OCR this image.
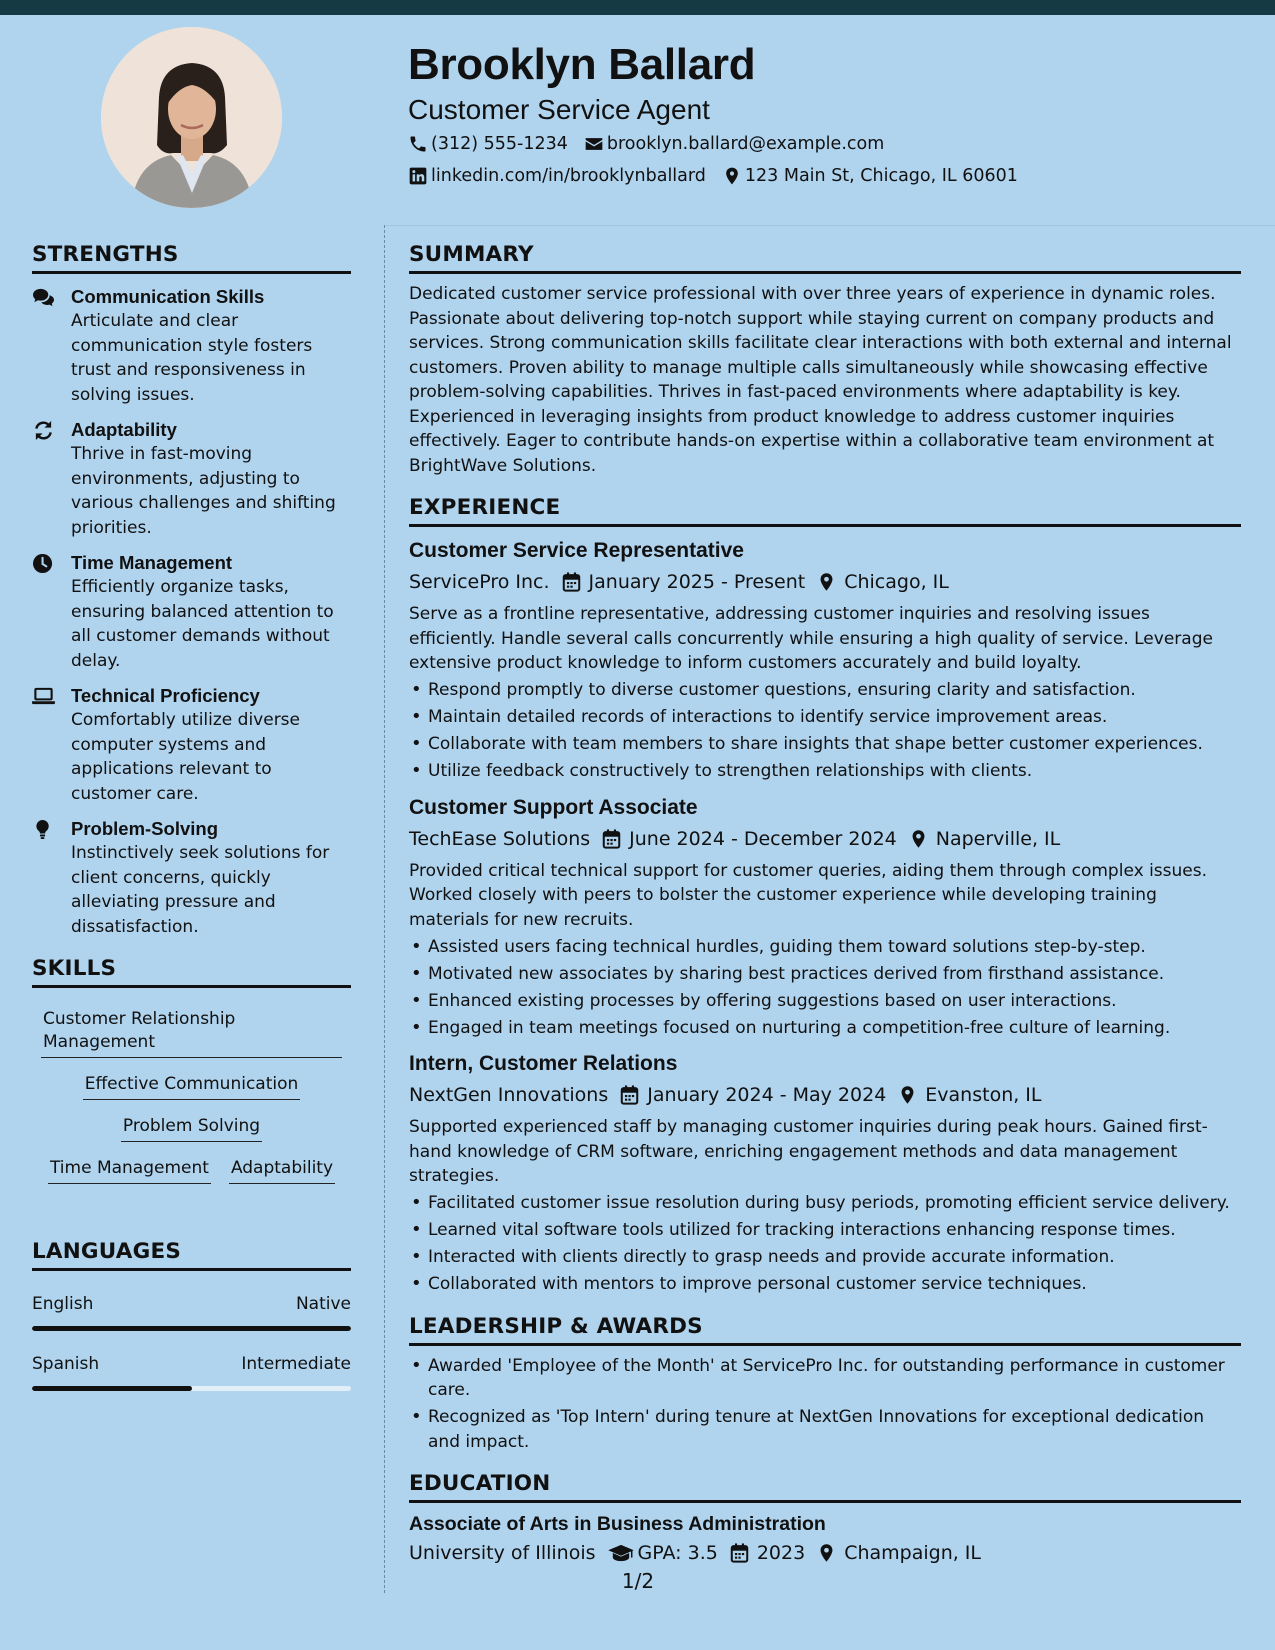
Brooklyn Ballard
Customer Service Agent
(312) 555-1234 brooklyn.ballard@example.com
linkedin.com/in/brooklynballard 123 Main St, Chicago, IL 60601
STRENGTHS
Communication Skills
Articulate and clear communication style fosters trust and responsiveness in solving issues.
Adaptability
Thrive in fast-moving environments, adjusting to various challenges and shifting priorities.
Time Management
Efficiently organize tasks, ensuring balanced attention to all customer demands without delay.
Technical Proficiency
Comfortably utilize diverse computer systems and applications relevant to customer care.
Problem-Solving
Instinctively seek solutions for client concerns, quickly alleviating pressure and dissatisfaction.
SKILLS
Customer Relationship Management
Effective Communication
Problem Solving
Time Management Adaptability
LANGUAGES
English	Native
Spanish	Intermediate
SUMMARY
Dedicated customer service professional with over three years of experience in dynamic roles. Passionate about delivering top-notch support while staying current on company products and services. Strong communication skills facilitate clear interactions with both external and internal customers. Proven ability to manage multiple calls simultaneously while showcasing effective problem-solving capabilities. Thrives in fast-paced environments where adaptability is key. Experienced in leveraging insights from product knowledge to address customer inquiries effectively. Eager to contribute hands-on expertise within a collaborative team environment at BrightWave Solutions.
EXPERIENCE
Customer Service Representative
ServicePro Inc. January 2025 - Present Chicago, IL
Serve as a frontline representative, addressing customer inquiries and resolving issues efficiently. Handle several calls concurrently while ensuring a high quality of service. Leverage extensive product knowledge to inform customers accurately and build loyalty.
• Respond promptly to diverse customer questions, ensuring clarity and satisfaction.
• Maintain detailed records of interactions to identify service improvement areas.
• Collaborate with team members to share insights that shape better customer experiences.
• Utilize feedback constructively to strengthen relationships with clients.
Customer Support Associate
TechEase Solutions June 2024 - December 2024 Naperville, IL
Provided critical technical support for customer queries, aiding them through complex issues. Worked closely with peers to bolster the customer experience while developing training materials for new recruits.
• Assisted users facing technical hurdles, guiding them toward solutions step-by-step.
• Motivated new associates by sharing best practices derived from firsthand assistance.
• Enhanced existing processes by offering suggestions based on user interactions.
• Engaged in team meetings focused on nurturing a competition-free culture of learning.
Intern, Customer Relations
NextGen Innovations January 2024 - May 2024 Evanston, IL
Supported experienced staff by managing customer inquiries during peak hours. Gained first-hand knowledge of CRM software, enriching engagement methods and data management strategies.
• Facilitated customer issue resolution during busy periods, promoting efficient service delivery.
• Learned vital software tools utilized for tracking interactions enhancing response times.
• Interacted with clients directly to grasp needs and provide accurate information.
• Collaborated with mentors to improve personal customer service techniques.
LEADERSHIP & AWARDS
• Awarded 'Employee of the Month' at ServicePro Inc. for outstanding performance in customer care.
• Recognized as 'Top Intern' during tenure at NextGen Innovations for exceptional dedication and impact.
EDUCATION
Associate of Arts in Business Administration
University of Illinois GPA: 3.5 2023 Champaign, IL
1/2
